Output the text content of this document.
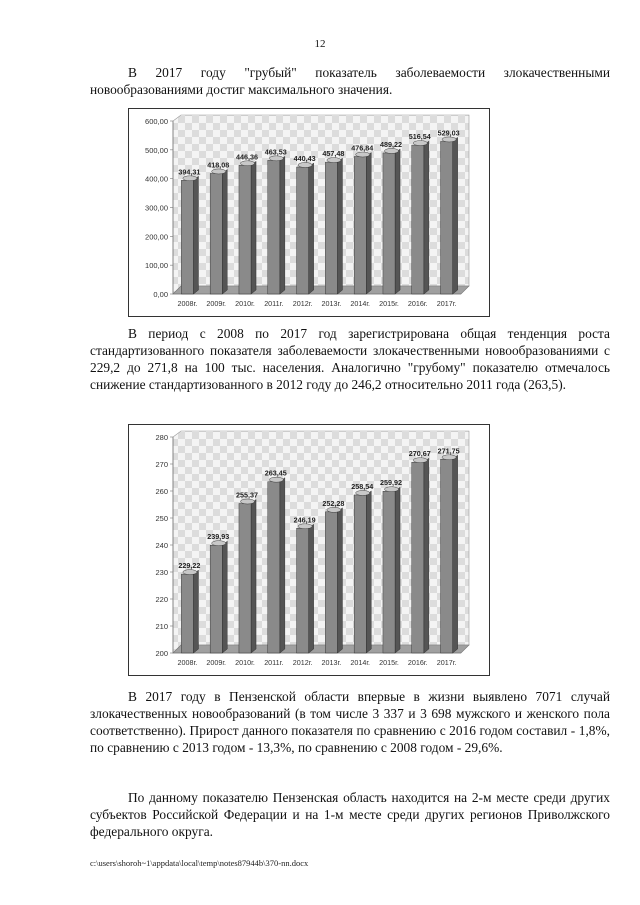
12

В 2017 году "грубый" показатель заболеваемости злокачественными новообразованиями достиг максимального значения.

0,00
100,00
200,00
300,00
400,00
500,00
600,00
394,31
2008г.
418,08
2009г.
446,36
2010г.
463,53
2011г.
440,43
2012г.
457,48
2013г.
476,84
2014г.
489,22
2015г.
516,54
2016г.
529,03
2017г.

В период с 2008 по 2017 год зарегистрирована общая тенденция роста стандартизованного показателя заболеваемости злокачественными новообразованиями с 229,2 до 271,8 на 100 тыс. населения. Аналогично "грубому" показателю отмечалось снижение стандартизованного в 2012 году до 246,2 относительно 2011 года (263,5).

200
210
220
230
240
250
260
270
280
229,22
2008г.
239,93
2009г.
255,37
2010г.
263,45
2011г.
246,19
2012г.
252,28
2013г.
258,54
2014г.
259,92
2015г.
270,67
2016г.
271,75
2017г.

В 2017 году в Пензенской области впервые в жизни выявлено 7071 случай злокачественных новообразований (в том числе 3 337 и 3 698 мужского и женского пола соответственно). Прирост данного показателя по сравнению с 2016 годом составил - 1,8%, по сравнению с 2013 годом - 13,3%, по сравнению с 2008 годом - 29,6%.

По данному показателю Пензенская область находится на 2-м месте среди других субъектов Российской Федерации и на 1-м месте среди других регионов Приволжского федерального округа.

c:\users\shoroh~1\appdata\local\temp\notes87944b\370-nn.docx
